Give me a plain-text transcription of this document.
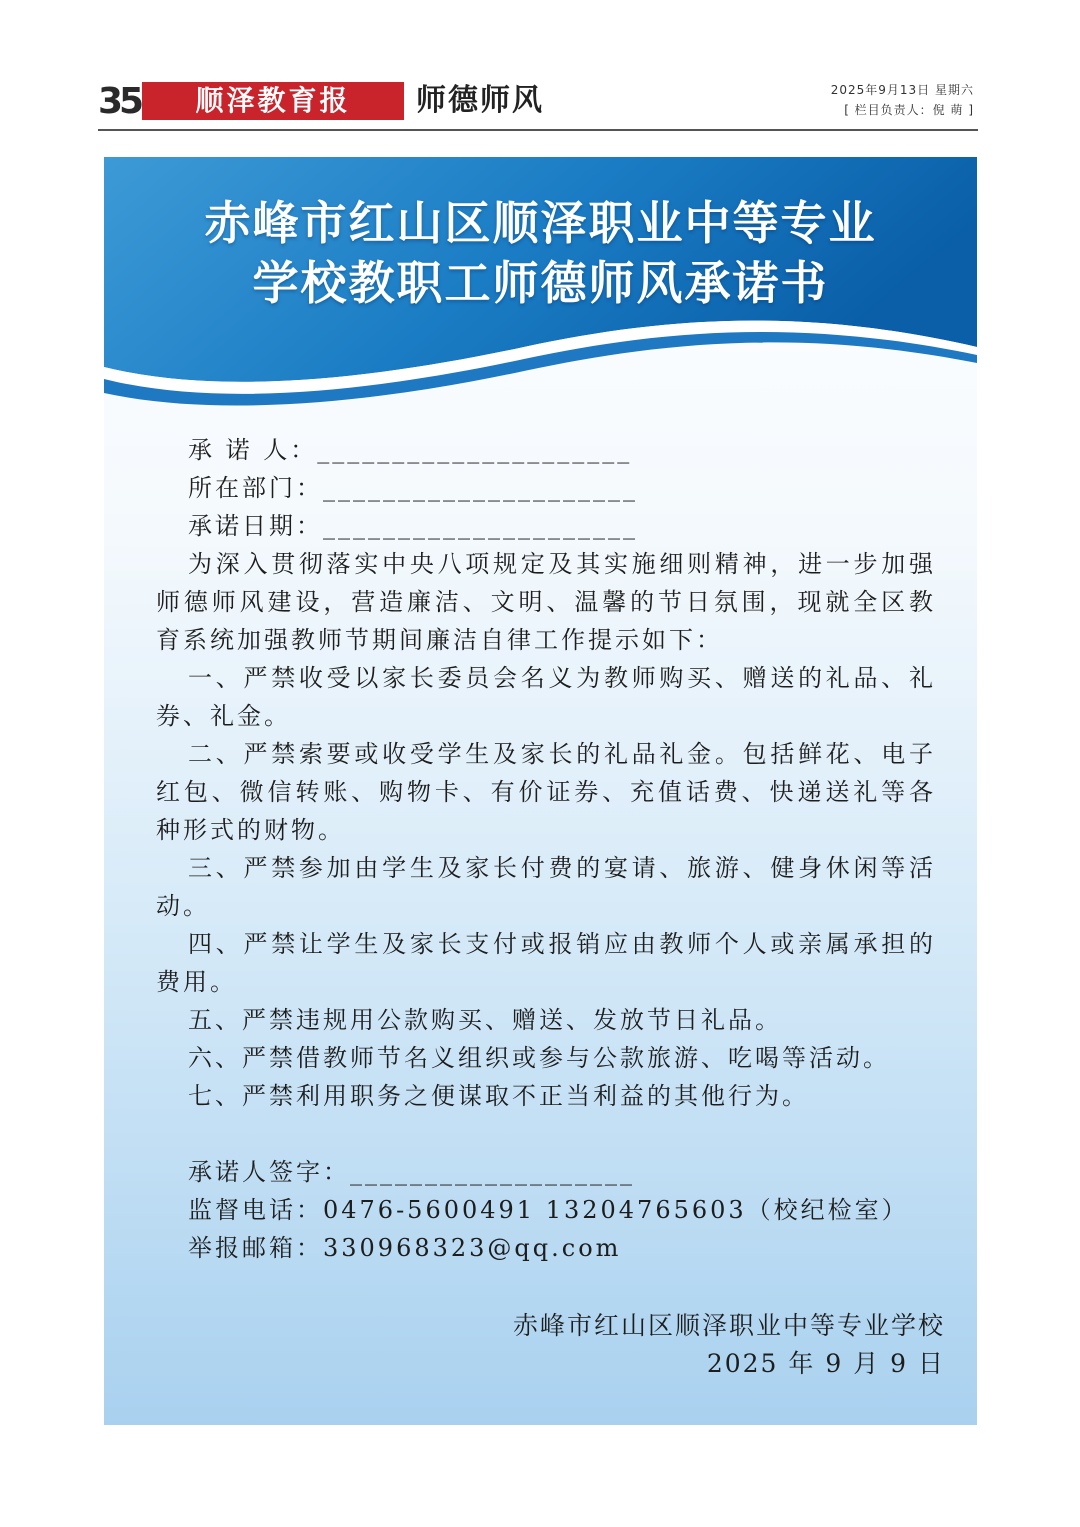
35	顺泽教育报	师德师风	2025年9月13日 星期六
[ 栏目负责人：倪 萌 ]
赤峰市红山区顺泽职业中等专业
学校教职工师德师风承诺书
承 诺 人：_____________________
所在部门：_____________________
承诺日期：_____________________
为深入贯彻落实中央八项规定及其实施细则精神，进一步加强师德师风建设，营造廉洁、文明、温馨的节日氛围，现就全区教育系统加强教师节期间廉洁自律工作提示如下：
一、严禁收受以家长委员会名义为教师购买、赠送的礼品、礼券、礼金。
二、严禁索要或收受学生及家长的礼品礼金。包括鲜花、电子红包、微信转账、购物卡、有价证券、充值话费、快递送礼等各种形式的财物。
三、严禁参加由学生及家长付费的宴请、旅游、健身休闲等活动。
四、严禁让学生及家长支付或报销应由教师个人或亲属承担的费用。
五、严禁违规用公款购买、赠送、发放节日礼品。
六、严禁借教师节名义组织或参与公款旅游、吃喝等活动。
七、严禁利用职务之便谋取不正当利益的其他行为。
承诺人签字：___________________
监督电话：0476-5600491 13204765603（校纪检室）
举报邮箱：330968323@qq.com
赤峰市红山区顺泽职业中等专业学校
2025 年 9 月 9 日
